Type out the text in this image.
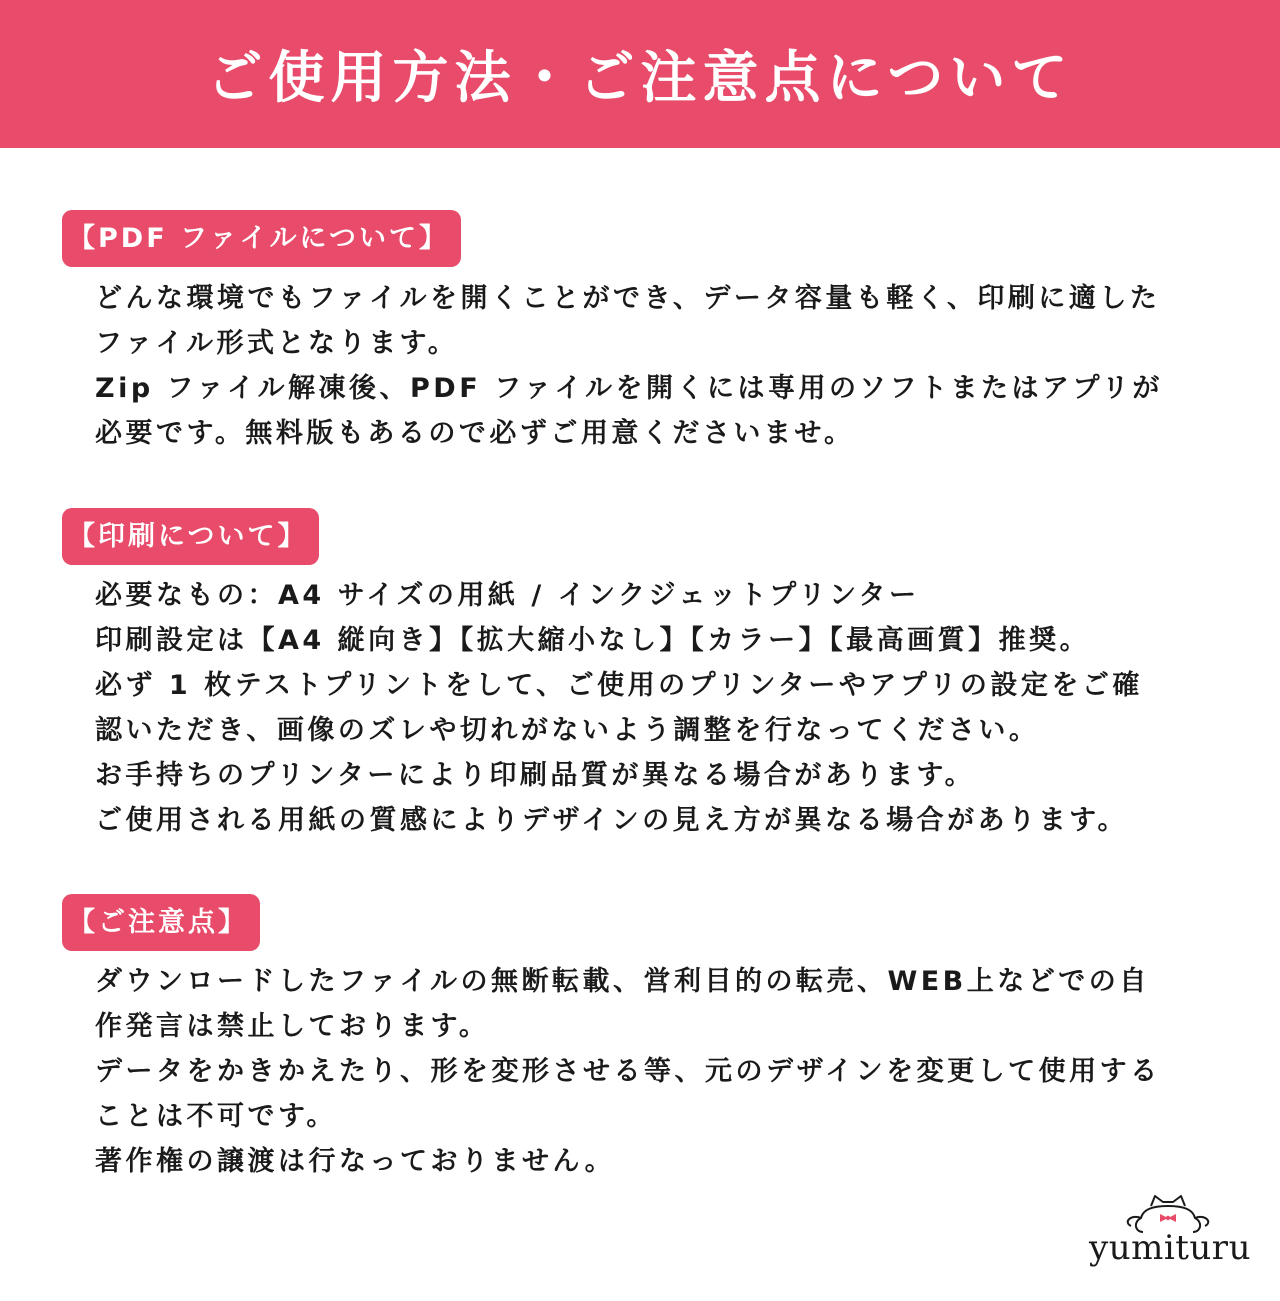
ご使用方法・ご注意点について
【PDF ファイルについて】
どんな環境でもファイルを開くことができ、データ容量も軽く、印刷に適した
ファイル形式となります。
Zip ファイル解凍後、PDF ファイルを開くには専用のソフトまたはアプリが
必要です。無料版もあるので必ずご用意くださいませ。
【印刷について】
必要なもの：A4 サイズの用紙 / インクジェットプリンター
印刷設定は【A4 縦向き】【拡大縮小なし】【カラー】【最高画質】推奨。
必ず 1 枚テストプリントをして、ご使用のプリンターやアプリの設定をご確
認いただき、画像のズレや切れがないよう調整を行なってください。
お手持ちのプリンターにより印刷品質が異なる場合があります。
ご使用される用紙の質感によりデザインの見え方が異なる場合があります。
【ご注意点】
ダウンロードしたファイルの無断転載、営利目的の転売、WEB上などでの自
作発言は禁止しております。
データをかきかえたり、形を変形させる等、元のデザインを変更して使用する
ことは不可です。
著作権の譲渡は行なっておりません。
yumituru
